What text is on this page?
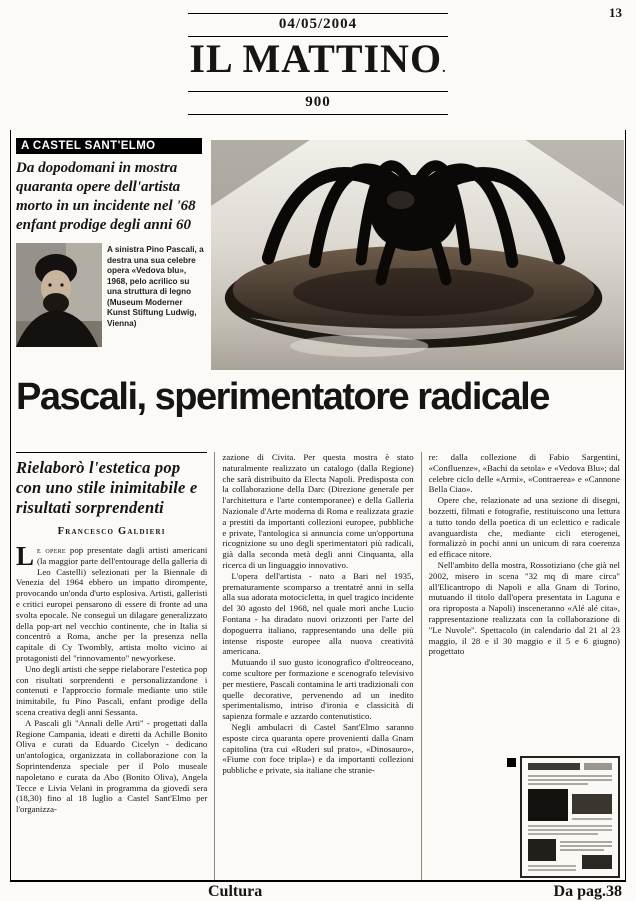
13
04/05/2004
IL MATTINO.
900
A CASTEL SANT'ELMO
Da dopodomani in mostra quaranta opere dell'artista morto in un incidente nel '68 enfant prodige degli anni 60
A sinistra Pino Pascali, a destra una sua celebre opera «Vedova blu», 1968, pelo acrilico su una struttura di legno (Museum Moderner Kunst Stiftung Ludwig, Vienna)
Pascali, sperimentatore radicale
Rielaborò l'estetica pop con uno stile inimitabile e risultati sorprendenti
Francesco Galdieri

Le opere pop presentate dagli artisti americani (la maggior parte dell'entourage della galleria di Leo Castelli) selezionati per la Biennale di Venezia del 1964 ebbero un impatto dirompente, provocando un'onda d'urto esplosiva. Artisti, galleristi e critici europei pensarono di essere di fronte ad una svolta epocale. Ne conseguì un dilagare generalizzato della pop-art nel vecchio continente, che in Italia si concentrò a Roma, anche per la presenza nella capitale di Cy Twombly, artista molto vicino ai protagonisti del "rinnovamento" newyorkese.

Uno degli artisti che seppe rielaborare l'estetica pop con risultati sorprendenti e personalizzandone i contenuti e l'approccio formale mediante uno stile inimitabile, fu Pino Pascali, enfant prodige della scena creativa degli anni Sessanta.

A Pascali gli "Annali delle Arti" - progettati dalla Regione Campania, ideati e diretti da Achille Bonito Oliva e curati da Eduardo Cicelyn - dedicano un'antologica, organizzata in collaborazione con la Soprintendenza speciale per il Polo museale napoletano e curata da Abo (Bonito Oliva), Angela Tecce e Livia Velani in programma da giovedì sera (18,30) fino al 18 luglio a Castel Sant'Elmo per l'organizza-

zazione di Civita. Per questa mostra è stato naturalmente realizzato un catalogo (dalla Regione) che sarà distribuito da Electa Napoli. Predisposta con la collaborazione della Darc (Direzione generale per l'architettura e l'arte contemporanee) e della Galleria Nazionale d'Arte moderna di Roma e realizzata grazie a prestiti da importanti collezioni europee, pubbliche e private, l'antologica si annuncia come un'opportuna ricognizione su uno degli sperimentatori più radicali, già dalla seconda metà degli anni Cinquanta, alla ricerca di un linguaggio innovativo.

L'opera dell'artista - nato a Bari nel 1935, prematuramente scomparso a trentatré anni in sella alla sua adorata motocicletta, in quel tragico incidente del 30 agosto del 1968, nel quale morì anche Lucio Fontana - ha diradato nuovi orizzonti per l'arte del dopoguerra italiano, rappresentando una delle più intense risposte europee alla nuova creatività americana.

Mutuando il suo gusto iconografico d'oltreoceano, come scultore per formazione e scenografo televisivo per mestiere, Pascali contamina le arti tradizionali con quelle decorative, pervenendo ad un inedito sperimentalismo, intriso d'ironia e classicità di sapienza formale e azzardo contenutistico.

Negli ambulacri di Castel Sant'Elmo saranno esposte circa quaranta opere provenienti dalla Gnam capitolina (tra cui «Ruderi sul prato», «Dinosauro», «Fiume con foce tripla») e da importanti collezioni pubbliche e private, sia italiane che stranie-

re: dalla collezione di Fabio Sargentini, «Confluenze», «Bachi da setola» e «Vedova Blu»; dal celebre ciclo delle «Armi», «Contraerea» e «Cannone Bella Ciao».

Opere che, relazionate ad una sezione di disegni, bozzetti, filmati e fotografie, restituiscono una lettura a tutto tondo della poetica di un eclettico e radicale avanguardista che, mediante cicli eterogenei, formalizzò in pochi anni un unicum di rara coerenza ed efficace nitore.

Nell'ambito della mostra, Rossotiziano (che già nel 2002, misero in scena "32 mq di mare circa" all'Elicantropo di Napoli e alla Gnam di Torino, mutuando il titolo dall'opera presentata in Laguna e ora riproposta a Napoli) insceneranno «Alé alé cita», rappresentazione realizzata con la collaborazione di "Le Nuvole". Spettacolo (in calendario dal 21 al 23 maggio, il 28 e il 30 maggio e il 5 e 6 giugno) progettato

Cultura	Da pag.38
